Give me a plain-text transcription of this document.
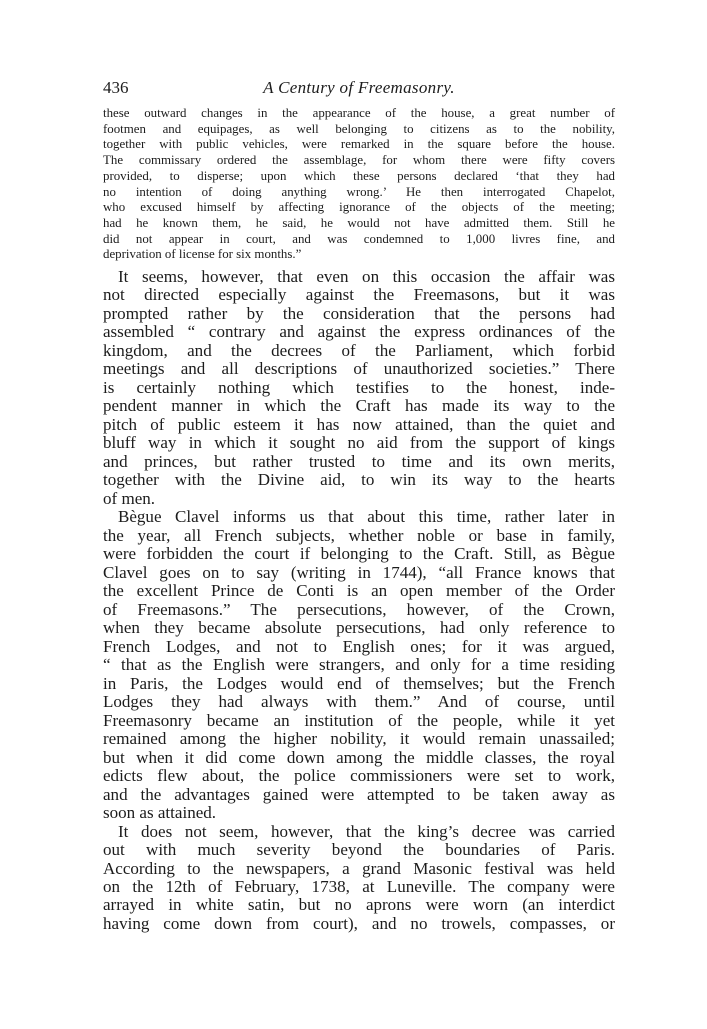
436	A Century of Freemasonry.
these outward changes in the appearance of the house, a great number of
footmen and equipages, as well belonging to citizens as to the nobility,
together with public vehicles, were remarked in the square before the house.
The commissary ordered the assemblage, for whom there were fifty covers
provided, to disperse; upon which these persons declared ‘that they had
no intention of doing anything wrong.’ He then interrogated Chapelot,
who excused himself by affecting ignorance of the objects of the meeting;
had he known them, he said, he would not have admitted them. Still he
did not appear in court, and was condemned to 1,000 livres fine, and
deprivation of license for six months.”
It seems, however, that even on this occasion the affair was
not directed especially against the Freemasons, but it was
prompted rather by the consideration that the persons had
assembled “ contrary and against the express ordinances of the
kingdom, and the decrees of the Parliament, which forbid
meetings and all descriptions of unauthorized societies.” There
is certainly nothing which testifies to the honest, inde-
pendent manner in which the Craft has made its way to the
pitch of public esteem it has now attained, than the quiet and
bluff way in which it sought no aid from the support of kings
and princes, but rather trusted to time and its own merits,
together with the Divine aid, to win its way to the hearts
of men.
Bègue Clavel informs us that about this time, rather later in
the year, all French subjects, whether noble or base in family,
were forbidden the court if belonging to the Craft. Still, as Bègue
Clavel goes on to say (writing in 1744), “all France knows that
the excellent Prince de Conti is an open member of the Order
of Freemasons.” The persecutions, however, of the Crown,
when they became absolute persecutions, had only reference to
French Lodges, and not to English ones; for it was argued,
“ that as the English were strangers, and only for a time residing
in Paris, the Lodges would end of themselves; but the French
Lodges they had always with them.” And of course, until
Freemasonry became an institution of the people, while it yet
remained among the higher nobility, it would remain unassailed;
but when it did come down among the middle classes, the royal
edicts flew about, the police commissioners were set to work,
and the advantages gained were attempted to be taken away as
soon as attained.
It does not seem, however, that the king’s decree was carried
out with much severity beyond the boundaries of Paris.
According to the newspapers, a grand Masonic festival was held
on the 12th of February, 1738, at Luneville. The company were
arrayed in white satin, but no aprons were worn (an interdict
having come down from court), and no trowels, compasses, or
